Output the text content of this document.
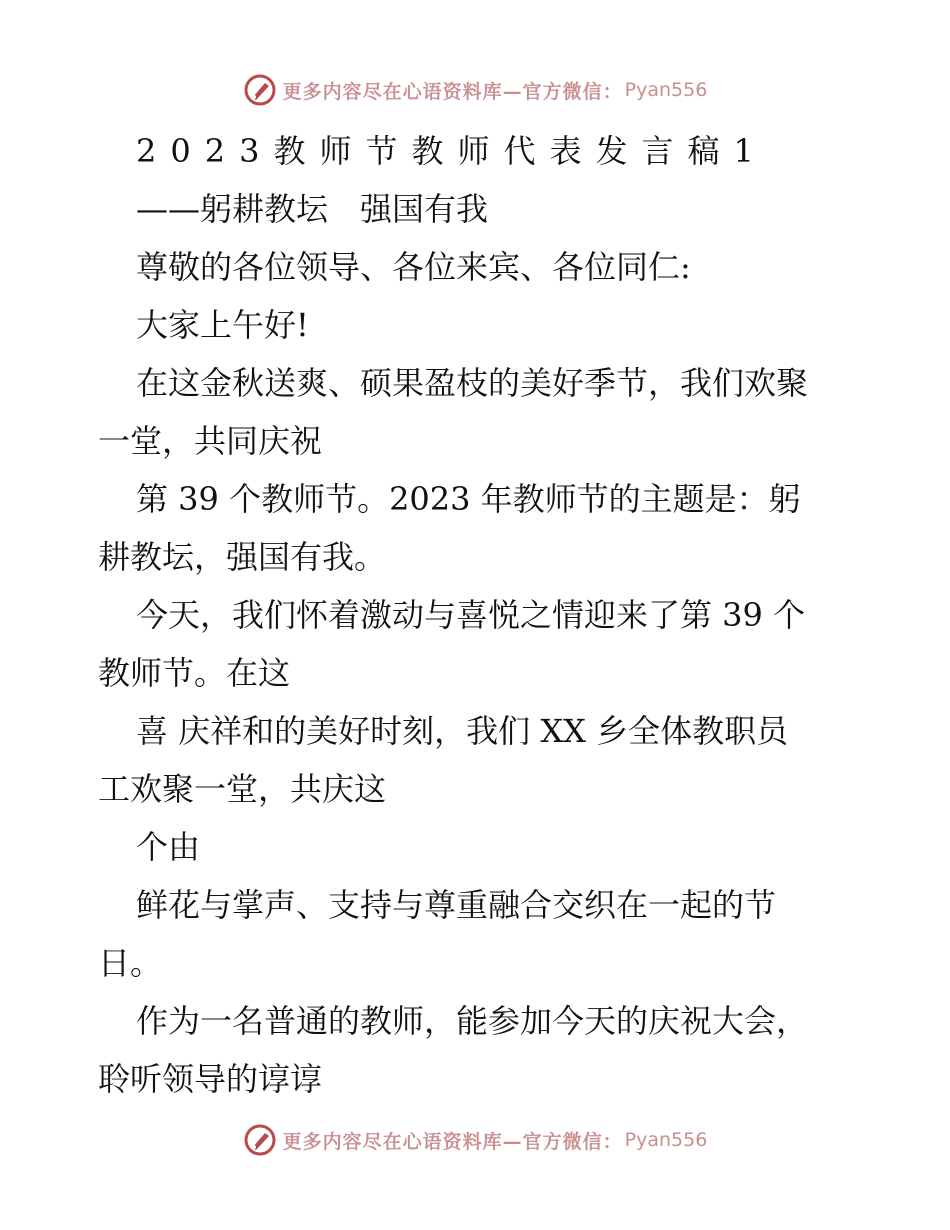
更多内容尽在心语资料库—官方微信： Pyan556

2023教师节教师代表发言稿1

——躬耕教坛　强国有我

尊敬的各位领导、各位来宾、各位同仁:

大家上午好!

在这金秋送爽、硕果盈枝的美好季节，我们欢聚

一堂，共同庆祝

第 39 个教师节。2023 年教师节的主题是：躬

耕教坛，强国有我。

今天，我们怀着激动与喜悦之情迎来了第 39 个

教师节。在这

喜 庆祥和的美好时刻，我们 XX 乡全体教职员

工欢聚一堂，共庆这

个由

鲜花与掌声、支持与尊重融合交织在一起的节

日。

作为一名普通的教师，能参加今天的庆祝大会，

聆听领导的谆谆

更多内容尽在心语资料库—官方微信： Pyan556
